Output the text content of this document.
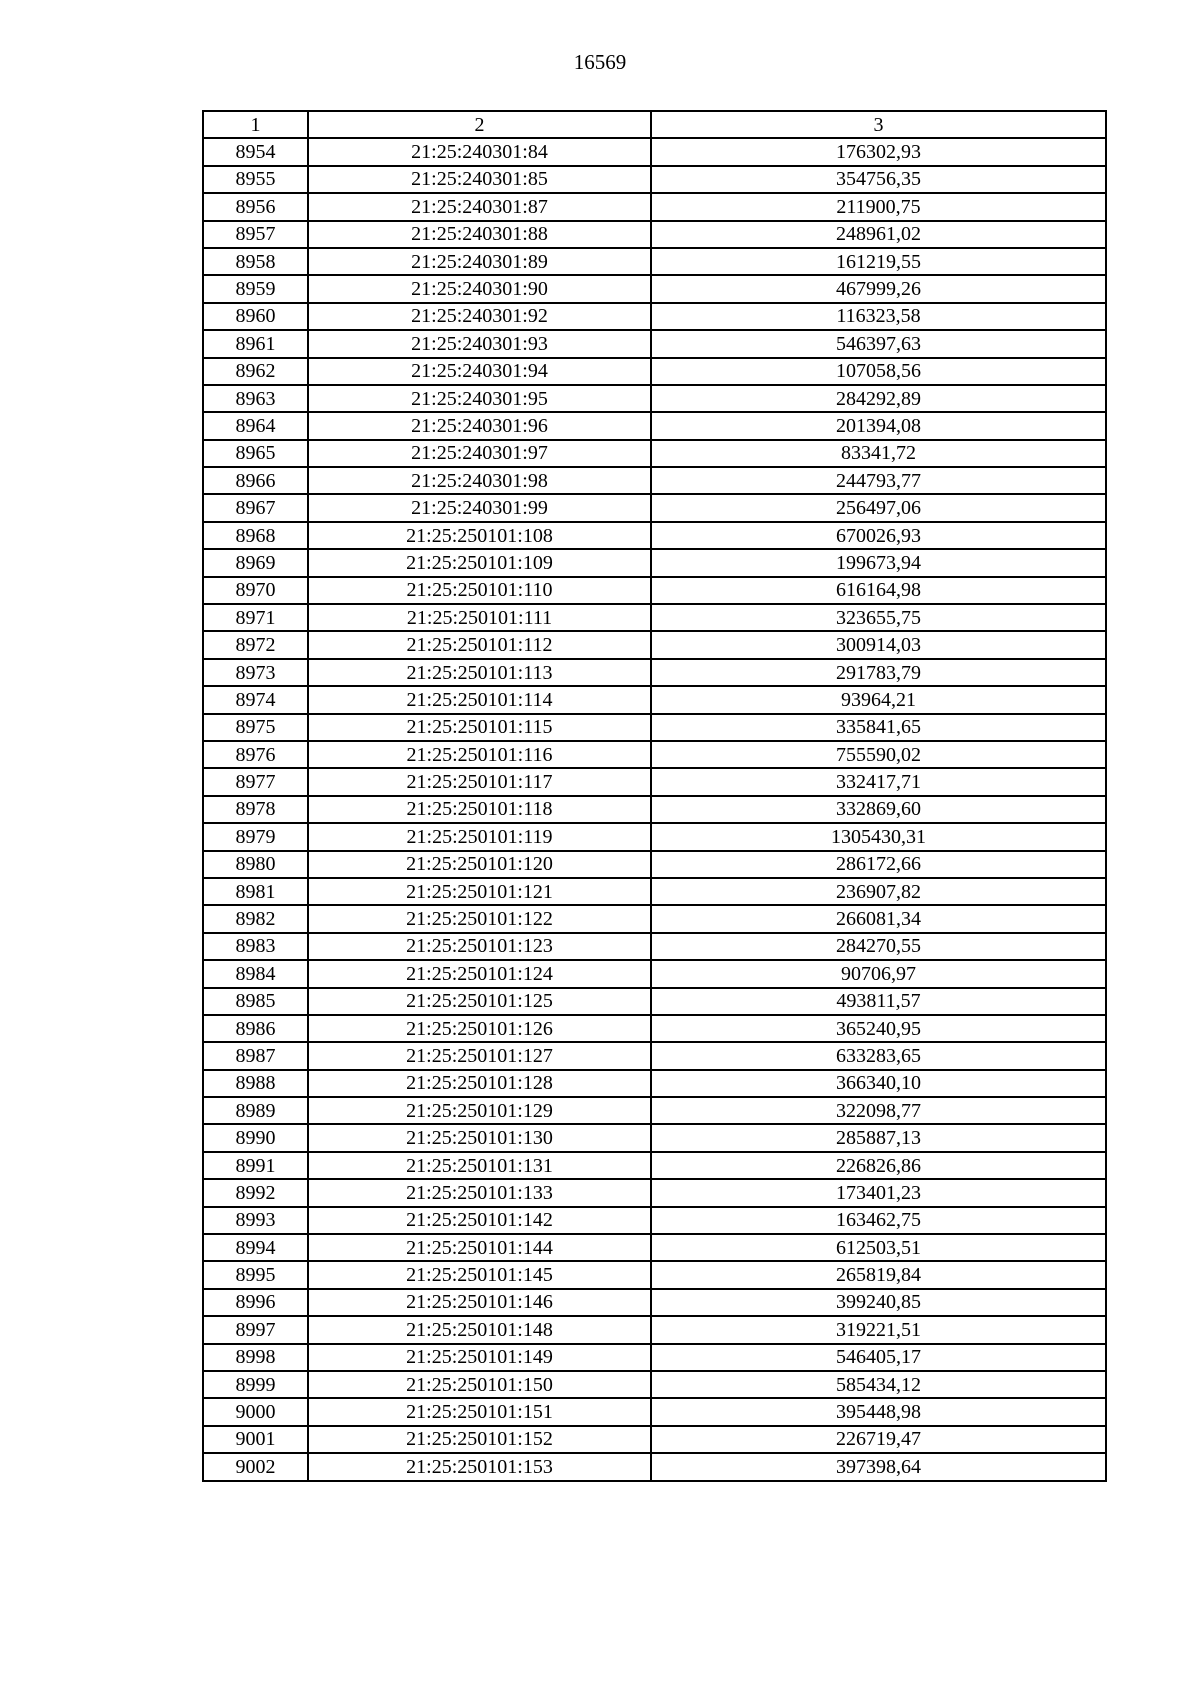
16569
1	2	3
8954	21:25:240301:84	176302,93
8955	21:25:240301:85	354756,35
8956	21:25:240301:87	211900,75
8957	21:25:240301:88	248961,02
8958	21:25:240301:89	161219,55
8959	21:25:240301:90	467999,26
8960	21:25:240301:92	116323,58
8961	21:25:240301:93	546397,63
8962	21:25:240301:94	107058,56
8963	21:25:240301:95	284292,89
8964	21:25:240301:96	201394,08
8965	21:25:240301:97	83341,72
8966	21:25:240301:98	244793,77
8967	21:25:240301:99	256497,06
8968	21:25:250101:108	670026,93
8969	21:25:250101:109	199673,94
8970	21:25:250101:110	616164,98
8971	21:25:250101:111	323655,75
8972	21:25:250101:112	300914,03
8973	21:25:250101:113	291783,79
8974	21:25:250101:114	93964,21
8975	21:25:250101:115	335841,65
8976	21:25:250101:116	755590,02
8977	21:25:250101:117	332417,71
8978	21:25:250101:118	332869,60
8979	21:25:250101:119	1305430,31
8980	21:25:250101:120	286172,66
8981	21:25:250101:121	236907,82
8982	21:25:250101:122	266081,34
8983	21:25:250101:123	284270,55
8984	21:25:250101:124	90706,97
8985	21:25:250101:125	493811,57
8986	21:25:250101:126	365240,95
8987	21:25:250101:127	633283,65
8988	21:25:250101:128	366340,10
8989	21:25:250101:129	322098,77
8990	21:25:250101:130	285887,13
8991	21:25:250101:131	226826,86
8992	21:25:250101:133	173401,23
8993	21:25:250101:142	163462,75
8994	21:25:250101:144	612503,51
8995	21:25:250101:145	265819,84
8996	21:25:250101:146	399240,85
8997	21:25:250101:148	319221,51
8998	21:25:250101:149	546405,17
8999	21:25:250101:150	585434,12
9000	21:25:250101:151	395448,98
9001	21:25:250101:152	226719,47
9002	21:25:250101:153	397398,64
